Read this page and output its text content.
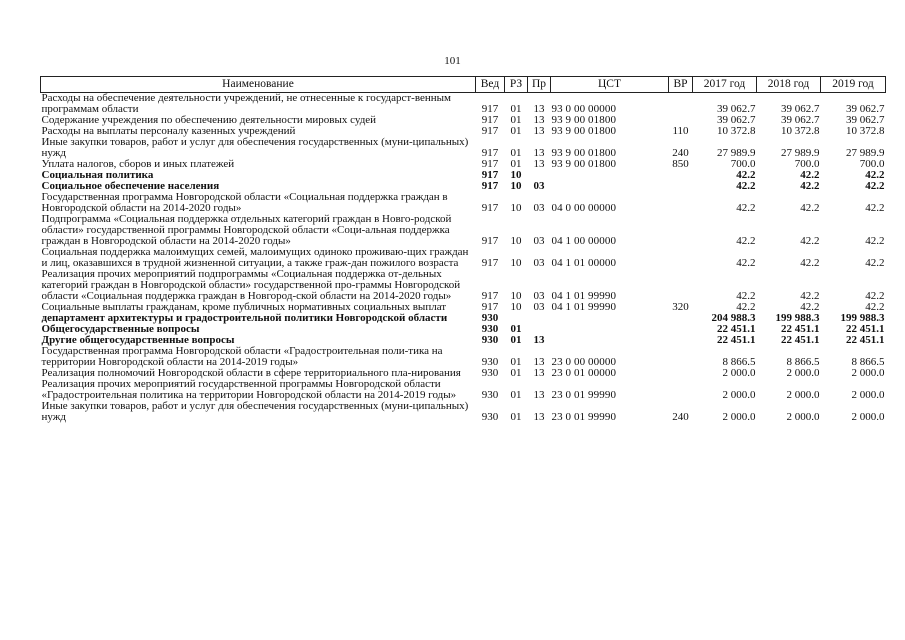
101
Наименование	Вед	РЗ	Пр	ЦСТ	ВР	2017 год	2018 год	2019 год
Расходы на обеспечение деятельности учреждений, не отнесенные к государст-венным программам области	917	01	13	93 0 00 00000		39 062.7	39 062.7	39 062.7
Содержание учреждения по обеспечению деятельности мировых судей	917	01	13	93 9 00 01800		39 062.7	39 062.7	39 062.7
Расходы на выплаты персоналу казенных учреждений	917	01	13	93 9 00 01800	110	10 372.8	10 372.8	10 372.8
Иные закупки товаров, работ и услуг для обеспечения государственных (муни-ципальных) нужд	917	01	13	93 9 00 01800	240	27 989.9	27 989.9	27 989.9
Уплата налогов, сборов и иных платежей	917	01	13	93 9 00 01800	850	700.0	700.0	700.0
Социальная политика	917	10				42.2	42.2	42.2
Социальное обеспечение населения	917	10	03			42.2	42.2	42.2
Государственная программа Новгородской области «Социальная поддержка граждан в Новгородской области на 2014-2020 годы»	917	10	03	04 0 00 00000		42.2	42.2	42.2
Подпрограмма «Социальная поддержка отдельных категорий граждан в Новго-родской области» государственной программы Новгородской области «Соци-альная поддержка граждан в Новгородской области на 2014-2020 годы»	917	10	03	04 1 00 00000		42.2	42.2	42.2
Социальная поддержка малоимущих семей, малоимущих одиноко проживаю-щих граждан и лиц, оказавшихся в трудной жизненной ситуации, а также граж-дан пожилого возраста	917	10	03	04 1 01 00000		42.2	42.2	42.2
Реализация прочих мероприятий подпрограммы «Социальная поддержка от-дельных категорий граждан в Новгородской области» государственной про-граммы Новгородской области «Социальная поддержка граждан в Новгород-ской области на 2014-2020 годы»	917	10	03	04 1 01 99990		42.2	42.2	42.2
Социальные выплаты гражданам, кроме публичных нормативных социальных выплат	917	10	03	04 1 01 99990	320	42.2	42.2	42.2
департамент архитектуры и градостроительной политики Новгородской области	930					204 988.3	199 988.3	199 988.3
Общегосударственные вопросы	930	01				22 451.1	22 451.1	22 451.1
Другие общегосударственные вопросы	930	01	13			22 451.1	22 451.1	22 451.1
Государственная программа Новгородской области «Градостроительная поли-тика на территории Новгородской области на 2014-2019 годы»	930	01	13	23 0 00 00000		8 866.5	8 866.5	8 866.5
Реализация полномочий Новгородской области в сфере территориального пла-нирования	930	01	13	23 0 01 00000		2 000.0	2 000.0	2 000.0
Реализация прочих мероприятий государственной программы Новгородской области «Градостроительная политика на территории Новгородской области на 2014-2019 годы»	930	01	13	23 0 01 99990		2 000.0	2 000.0	2 000.0
Иные закупки товаров, работ и услуг для обеспечения государственных (муни-ципальных) нужд	930	01	13	23 0 01 99990	240	2 000.0	2 000.0	2 000.0
